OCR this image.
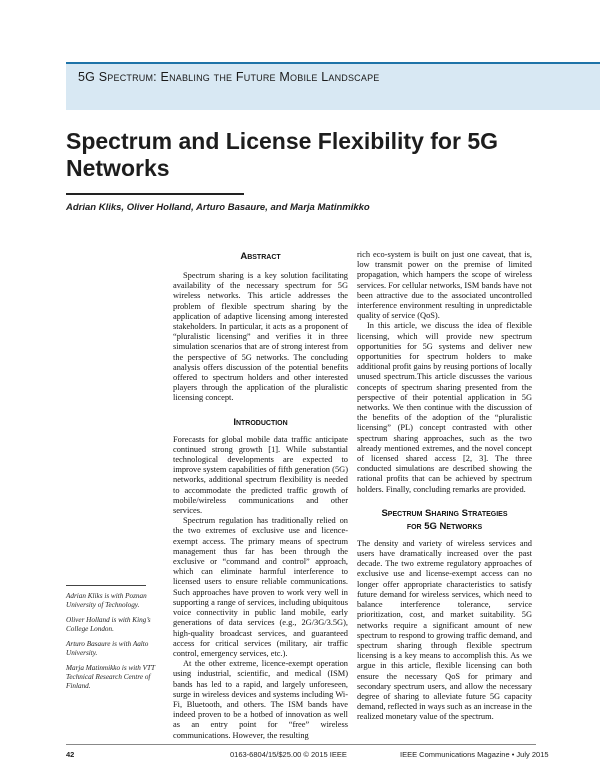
5G Spectrum: Enabling the Future Mobile Landscape
Spectrum and License Flexibility for 5G Networks
Adrian Kliks, Oliver Holland, Arturo Basaure, and Marja Matinmikko
Abstract

Spectrum sharing is a key solution facilitating availability of the necessary spectrum for 5G wireless networks. This article addresses the problem of flexible spectrum sharing by the application of adaptive licensing among interested stakeholders. In particular, it acts as a proponent of “pluralistic licensing” and verifies it in three simulation scenarios that are of strong interest from the perspective of 5G networks. The concluding analysis offers discussion of the potential benefits offered to spectrum holders and other interested players through the application of the pluralistic licensing concept.

Introduction

Forecasts for global mobile data traffic anticipate continued strong growth [1]. While substantial technological developments are expected to improve system capabilities of fifth generation (5G) networks, additional spectrum flexibility is needed to accommodate the predicted traffic growth of mobile/wireless communications and other services.

Spectrum regulation has traditionally relied on the two extremes of exclusive use and licence-exempt access. The primary means of spectrum management thus far has been through the exclusive or “command and control” approach, which can eliminate harmful interference to licensed users to ensure reliable communications. Such approaches have proven to work very well in supporting a range of services, including ubiquitous voice connectivity in public land mobile, early generations of data services (e.g., 2G/3G/3.5G), high-quality broadcast services, and guaranteed access for critical services (military, air traffic control, emergency services, etc.).

At the other extreme, licence-exempt operation using industrial, scientific, and medical (ISM) bands has led to a rapid, and largely unforeseen, surge in wireless devices and systems including Wi-Fi, Bluetooth, and others. The ISM bands have indeed proven to be a hotbed of innovation as well as an entry point for “free” wireless communications. However, the resulting

rich eco-system is built on just one caveat, that is, low transmit power on the premise of limited propagation, which hampers the scope of wireless services. For cellular networks, ISM bands have not been attractive due to the associated uncontrolled interference environment resulting in unpredictable quality of service (QoS).

In this article, we discuss the idea of flexible licensing, which will provide new spectrum opportunities for 5G systems and deliver new opportunities for spectrum holders to make additional profit gains by reusing portions of locally unused spectrum.This article discusses the various concepts of spectrum sharing presented from the perspective of their potential application in 5G networks. We then continue with the discussion of the benefits of the adoption of the “pluralistic licensing” (PL) concept contrasted with other spectrum sharing approaches, such as the two already mentioned extremes, and the novel concept of licensed shared access [2, 3]. The three conducted simulations are described showing the rational profits that can be achieved by spectrum holders. Finally, concluding remarks are provided.

Spectrum Sharing Strategies
for 5G Networks

The density and variety of wireless services and users have dramatically increased over the past decade. The two extreme regulatory approaches of exclusive use and license-exempt access can no longer offer appropriate characteristics to satisfy future demand for wireless services, which need to balance interference tolerance, service prioritization, cost, and market suitability. 5G networks require a significant amount of new spectrum to respond to growing traffic demand, and spectrum sharing through flexible spectrum licensing is a key means to accomplish this. As we argue in this article, flexible licensing can both ensure the necessary QoS for primary and secondary spectrum users, and allow the necessary degree of sharing to alleviate future 5G capacity demand, reflected in ways such as an increase in the realized monetary value of the spectrum.

Adrian Kliks is with Poznan University of Technology.

Oliver Holland is with King’s College London.

Arturo Basaure is with Aalto University.

Marja Matinmikko is with VTT Technical Research Centre of Finland.

42	0163-6804/15/$25.00 © 2015 IEEE	IEEE Communications Magazine • July 2015
